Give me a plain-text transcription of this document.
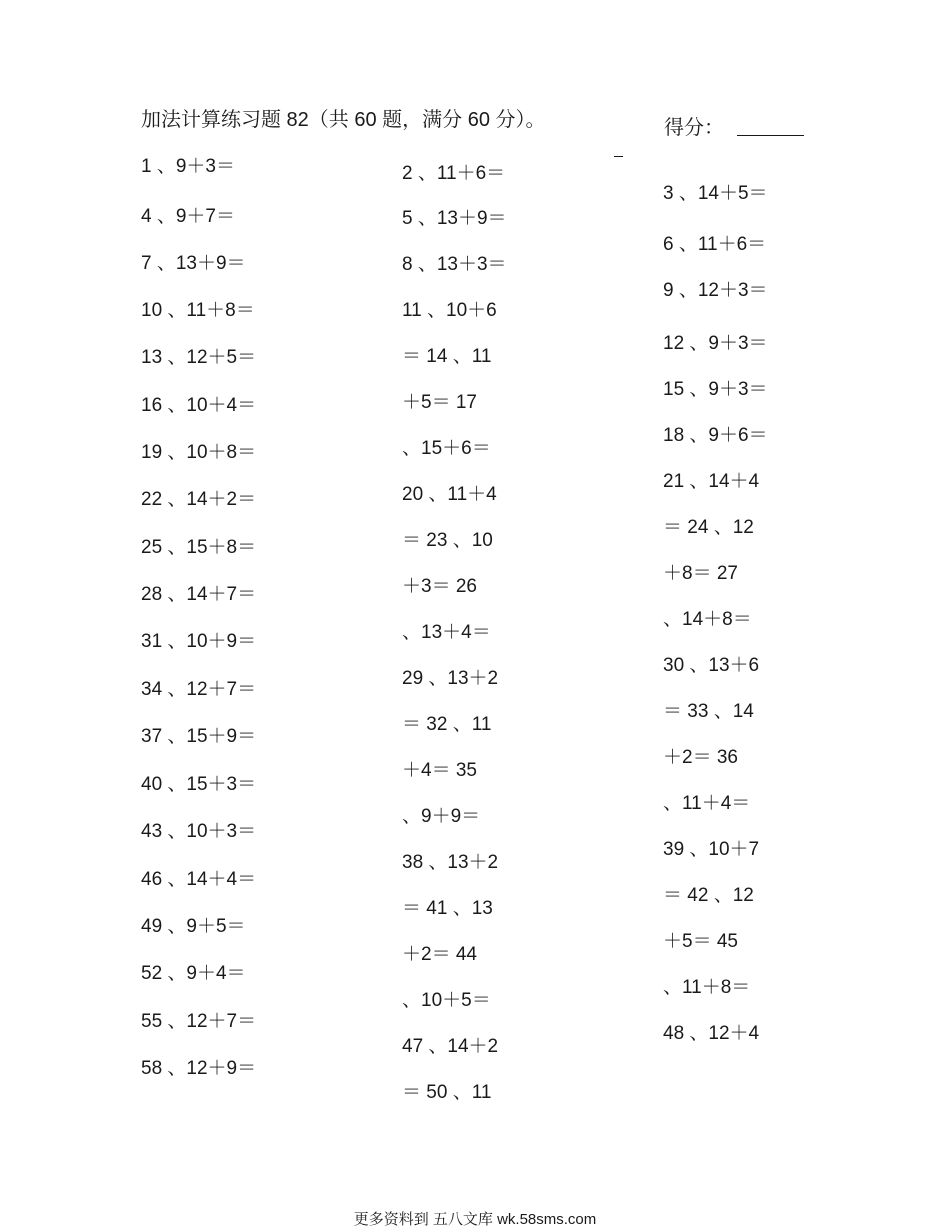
加法计算练习题 82（共 60 题，满分 60 分）。	得分：
1 、9＋3＝
4 、9＋7＝
7 、13＋9＝
10 、11＋8＝
13 、12＋5＝
16 、10＋4＝
19 、10＋8＝
22 、14＋2＝
25 、15＋8＝
28 、14＋7＝
31 、10＋9＝
34 、12＋7＝
37 、15＋9＝
40 、15＋3＝
43 、10＋3＝
46 、14＋4＝
49 、9＋5＝
52 、9＋4＝
55 、12＋7＝
58 、12＋9＝
2 、11＋6＝
5 、13＋9＝
8 、13＋3＝
11 、10＋6
＝ 14 、11
＋5＝ 17
、15＋6＝
20 、11＋4
＝ 23 、10
＋3＝ 26
、13＋4＝
29 、13＋2
＝ 32 、11
＋4＝ 35
、9＋9＝
38 、13＋2
＝ 41 、13
＋2＝ 44
、10＋5＝
47 、14＋2
＝ 50 、11
3 、14＋5＝
6 、11＋6＝
9 、12＋3＝
12 、9＋3＝
15 、9＋3＝
18 、9＋6＝
21 、14＋4
＝ 24 、12
＋8＝ 27
、14＋8＝
30 、13＋6
＝ 33 、14
＋2＝ 36
、11＋4＝
39 、10＋7
＝ 42 、12
＋5＝ 45
、11＋8＝
48 、12＋4
更多资料到 五八文库 wk.58sms.com
